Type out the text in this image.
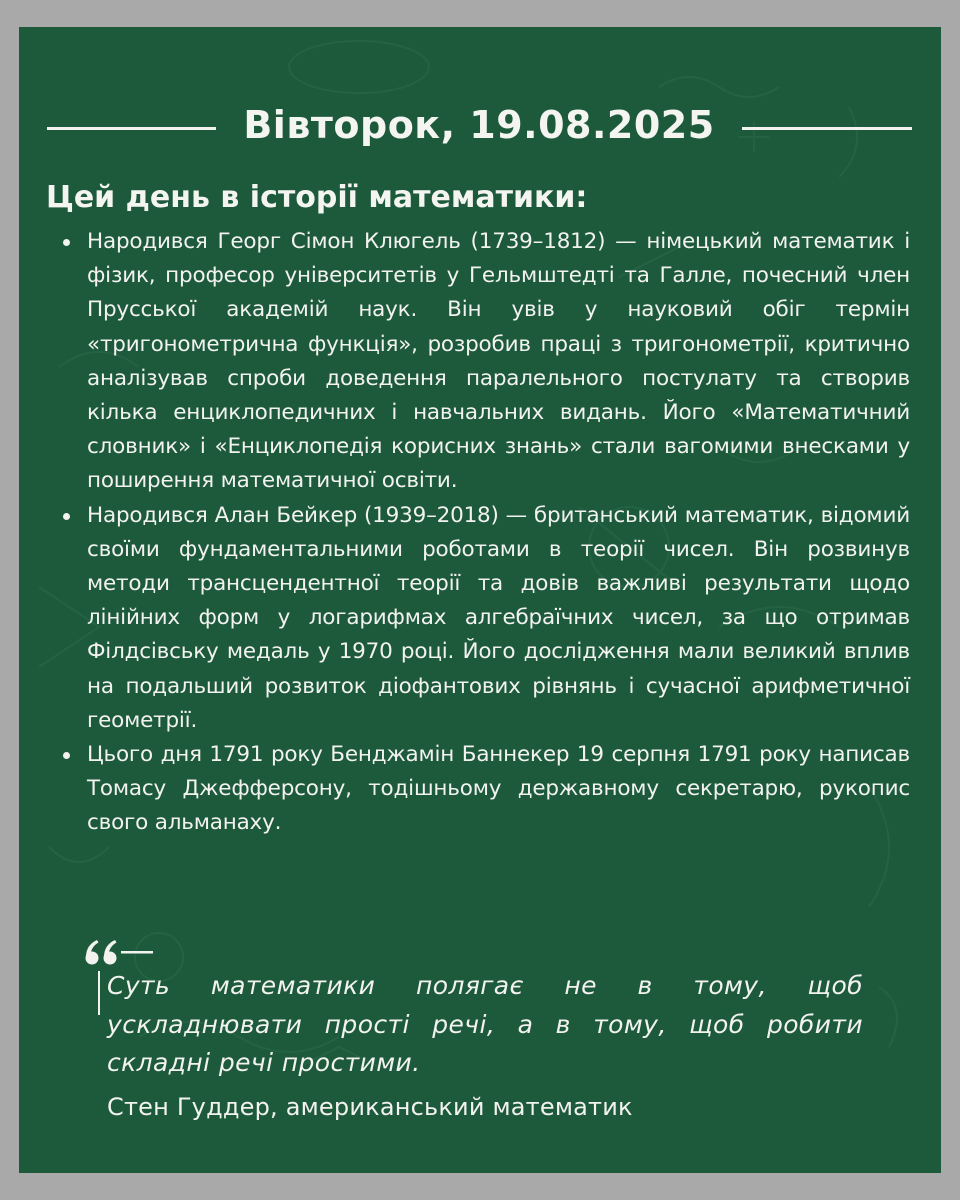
Вівторок, 19.08.2025
Цей день в історії математики:
Народився Георг Сімон Клюгель (1739–1812) — німецький математик і фізик, професор університетів у Гельмштедті та Галле, почесний член Прусської академій наук. Він увів у науковий обіг термін «тригонометрична функція», розробив праці з тригонометрії, критично аналізував спроби доведення паралельного постулату та створив кілька енциклопедичних і навчальних видань. Його «Математичний словник» і «Енциклопедія корисних знань» стали вагомими внесками у поширення математичної освіти.
Народився Алан Бейкер (1939–2018) — британський математик, відомий своїми фундаментальними роботами в теорії чисел. Він розвинув методи трансцендентної теорії та довів важливі результати щодо лінійних форм у логарифмах алгебраїчних чисел, за що отримав Філдсівську медаль у 1970 році. Його дослідження мали великий вплив на подальший розвиток діофантових рівнянь і сучасної арифметичної геометрії.
Цього дня 1791 року Бенджамін Баннекер 19 серпня 1791 року написав Томасу Джефферсону, тодішньому державному секретарю, рукопис свого альманаху.
Суть математики полягає не в тому, щоб ускладнювати прості речі, а в тому, щоб робити складні речі простими.
Стен Гуддер, американський математик
